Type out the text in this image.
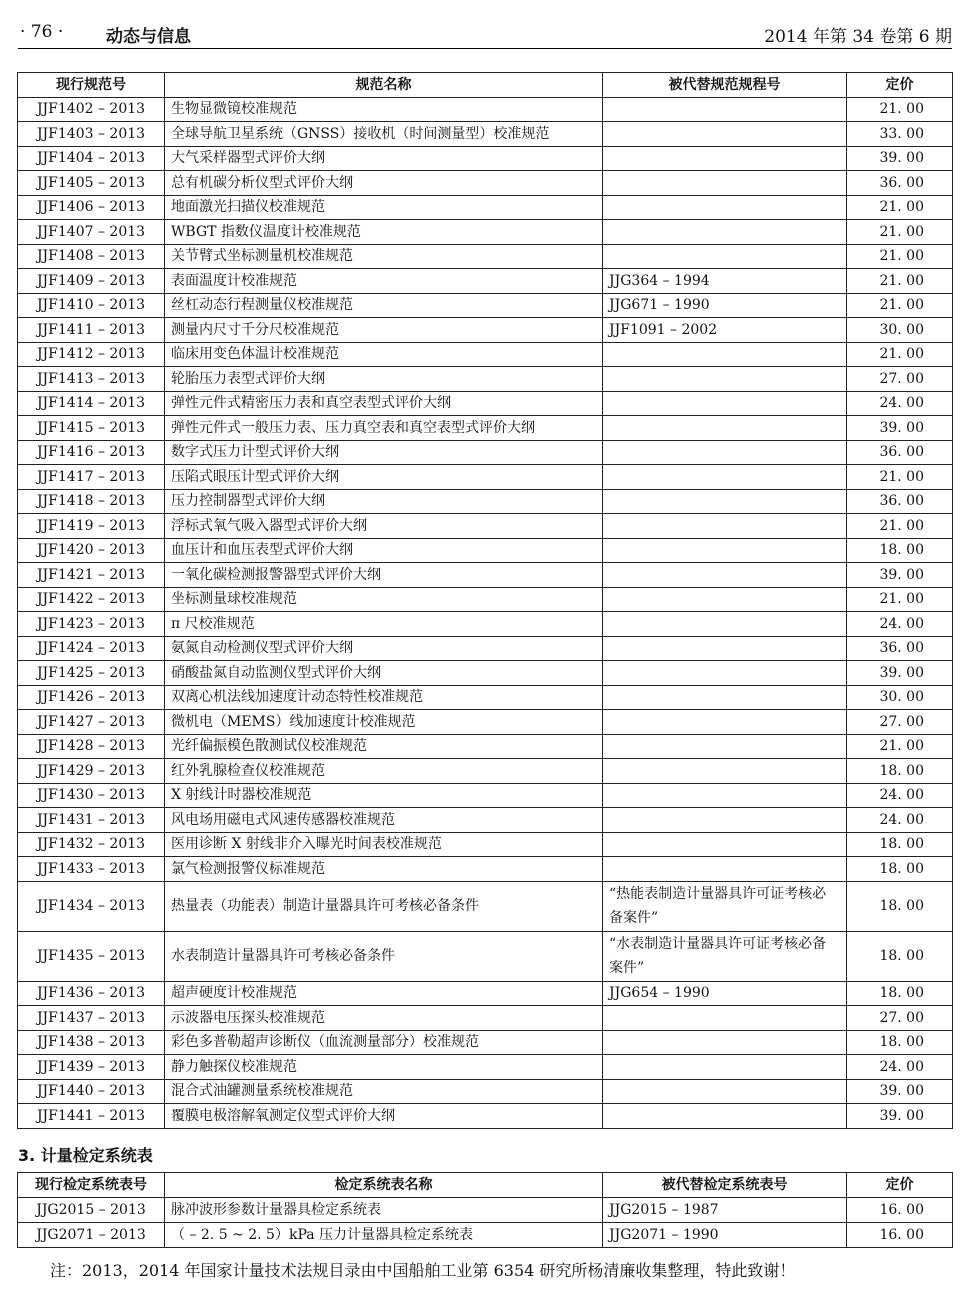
· 76 ·	动态与信息	2014 年第 34 卷第 6 期
现行规范号	规范名称	被代替规范规程号	定价
JJF1402 – 2013	生物显微镜校准规范		21. 00
JJF1403 – 2013	全球导航卫星系统（GNSS）接收机（时间测量型）校准规范		33. 00
JJF1404 – 2013	大气采样器型式评价大纲		39. 00
JJF1405 – 2013	总有机碳分析仪型式评价大纲		36. 00
JJF1406 – 2013	地面激光扫描仪校准规范		21. 00
JJF1407 – 2013	WBGT 指数仪温度计校准规范		21. 00
JJF1408 – 2013	关节臂式坐标测量机校准规范		21. 00
JJF1409 – 2013	表面温度计校准规范	JJG364 – 1994	21. 00
JJF1410 – 2013	丝杠动态行程测量仪校准规范	JJG671 – 1990	21. 00
JJF1411 – 2013	测量内尺寸千分尺校准规范	JJF1091 – 2002	30. 00
JJF1412 – 2013	临床用变色体温计校准规范		21. 00
JJF1413 – 2013	轮胎压力表型式评价大纲		27. 00
JJF1414 – 2013	弹性元件式精密压力表和真空表型式评价大纲		24. 00
JJF1415 – 2013	弹性元件式一般压力表、压力真空表和真空表型式评价大纲		39. 00
JJF1416 – 2013	数字式压力计型式评价大纲		36. 00
JJF1417 – 2013	压陷式眼压计型式评价大纲		21. 00
JJF1418 – 2013	压力控制器型式评价大纲		36. 00
JJF1419 – 2013	浮标式氧气吸入器型式评价大纲		21. 00
JJF1420 – 2013	血压计和血压表型式评价大纲		18. 00
JJF1421 – 2013	一氧化碳检测报警器型式评价大纲		39. 00
JJF1422 – 2013	坐标测量球校准规范		21. 00
JJF1423 – 2013	π 尺校准规范		24. 00
JJF1424 – 2013	氨氮自动检测仪型式评价大纲		36. 00
JJF1425 – 2013	硝酸盐氮自动监测仪型式评价大纲		39. 00
JJF1426 – 2013	双离心机法线加速度计动态特性校准规范		30. 00
JJF1427 – 2013	微机电（MEMS）线加速度计校准规范		27. 00
JJF1428 – 2013	光纤偏振模色散测试仪校准规范		21. 00
JJF1429 – 2013	红外乳腺检查仪校准规范		18. 00
JJF1430 – 2013	X 射线计时器校准规范		24. 00
JJF1431 – 2013	风电场用磁电式风速传感器校准规范		24. 00
JJF1432 – 2013	医用诊断 X 射线非介入曝光时间表校准规范		18. 00
JJF1433 – 2013	氯气检测报警仪标准规范		18. 00
JJF1434 – 2013	热量表（功能表）制造计量器具许可考核必备条件	“热能表制造计量器具许可证考核必备案件”	18. 00
JJF1435 – 2013	水表制造计量器具许可考核必备条件	“水表制造计量器具许可证考核必备案件”	18. 00
JJF1436 – 2013	超声硬度计校准规范	JJG654 – 1990	18. 00
JJF1437 – 2013	示波器电压探头校准规范		27. 00
JJF1438 – 2013	彩色多普勒超声诊断仪（血流测量部分）校准规范		18. 00
JJF1439 – 2013	静力触探仪校准规范		24. 00
JJF1440 – 2013	混合式油罐测量系统校准规范		39. 00
JJF1441 – 2013	覆膜电极溶解氧测定仪型式评价大纲		39. 00
3. 计量检定系统表
现行检定系统表号	检定系统表名称	被代替检定系统表号	定价
JJG2015 – 2013	脉冲波形参数计量器具检定系统表	JJG2015 – 1987	16. 00
JJG2071 – 2013	（ – 2. 5 ~ 2. 5）kPa 压力计量器具检定系统表	JJG2071 – 1990	16. 00
注：2013，2014 年国家计量技术法规目录由中国船舶工业第 6354 研究所杨清廉收集整理，特此致谢！
